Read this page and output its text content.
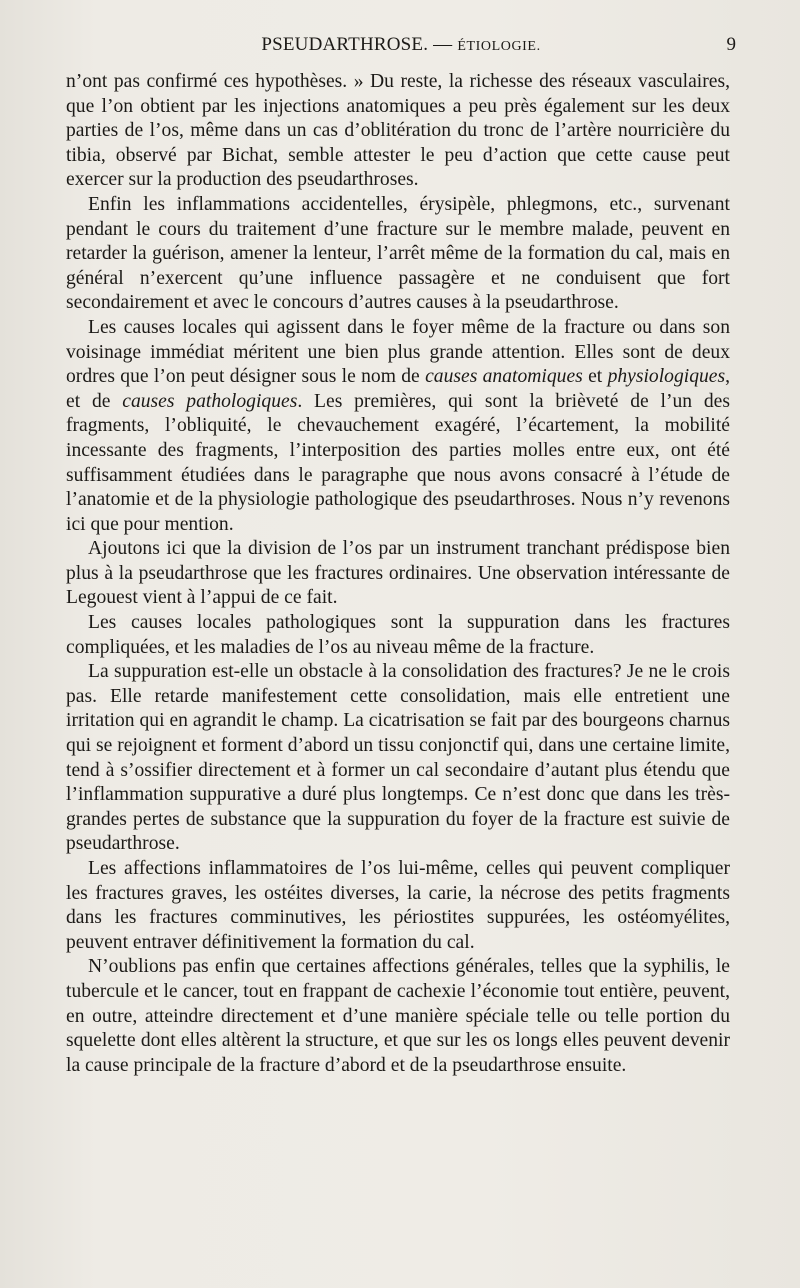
PSEUDARTHROSE. — ÉTIOLOGIE.	9

n’ont pas confirmé ces hypothèses. » Du reste, la richesse des réseaux vasculaires, que l’on obtient par les injections anatomiques a peu près également sur les deux parties de l’os, même dans un cas d’oblitération du tronc de l’artère nourricière du tibia, observé par Bichat, semble attester le peu d’action que cette cause peut exercer sur la production des pseudarthroses.

Enfin les inflammations accidentelles, érysipèle, phlegmons, etc., survenant pendant le cours du traitement d’une fracture sur le membre malade, peuvent en retarder la guérison, amener la lenteur, l’arrêt même de la formation du cal, mais en général n’exercent qu’une influence passagère et ne conduisent que fort secondairement et avec le concours d’autres causes à la pseudarthrose.

Les causes locales qui agissent dans le foyer même de la fracture ou dans son voisinage immédiat méritent une bien plus grande attention. Elles sont de deux ordres que l’on peut désigner sous le nom de causes anatomiques et physiologiques, et de causes pathologiques. Les premières, qui sont la brièveté de l’un des fragments, l’obliquité, le chevauchement exagéré, l’écartement, la mobilité incessante des fragments, l’interposition des parties molles entre eux, ont été suffisamment étudiées dans le paragraphe que nous avons consacré à l’étude de l’anatomie et de la physiologie pathologique des pseudarthroses. Nous n’y revenons ici que pour mention.

Ajoutons ici que la division de l’os par un instrument tranchant prédispose bien plus à la pseudarthrose que les fractures ordinaires. Une observation intéressante de Legouest vient à l’appui de ce fait.

Les causes locales pathologiques sont la suppuration dans les fractures compliquées, et les maladies de l’os au niveau même de la fracture.

La suppuration est-elle un obstacle à la consolidation des fractures? Je ne le crois pas. Elle retarde manifestement cette consolidation, mais elle entretient une irritation qui en agrandit le champ. La cicatrisation se fait par des bourgeons charnus qui se rejoignent et forment d’abord un tissu conjonctif qui, dans une certaine limite, tend à s’ossifier directement et à former un cal secondaire d’autant plus étendu que l’inflammation suppurative a duré plus longtemps. Ce n’est donc que dans les très-grandes pertes de substance que la suppuration du foyer de la fracture est suivie de pseudarthrose.

Les affections inflammatoires de l’os lui-même, celles qui peuvent compliquer les fractures graves, les ostéites diverses, la carie, la nécrose des petits fragments dans les fractures comminutives, les périostites suppurées, les ostéomyélites, peuvent entraver définitivement la formation du cal.

N’oublions pas enfin que certaines affections générales, telles que la syphilis, le tubercule et le cancer, tout en frappant de cachexie l’économie tout entière, peuvent, en outre, atteindre directement et d’une manière spéciale telle ou telle portion du squelette dont elles altèrent la structure, et que sur les os longs elles peuvent devenir la cause principale de la fracture d’abord et de la pseudarthrose ensuite.
